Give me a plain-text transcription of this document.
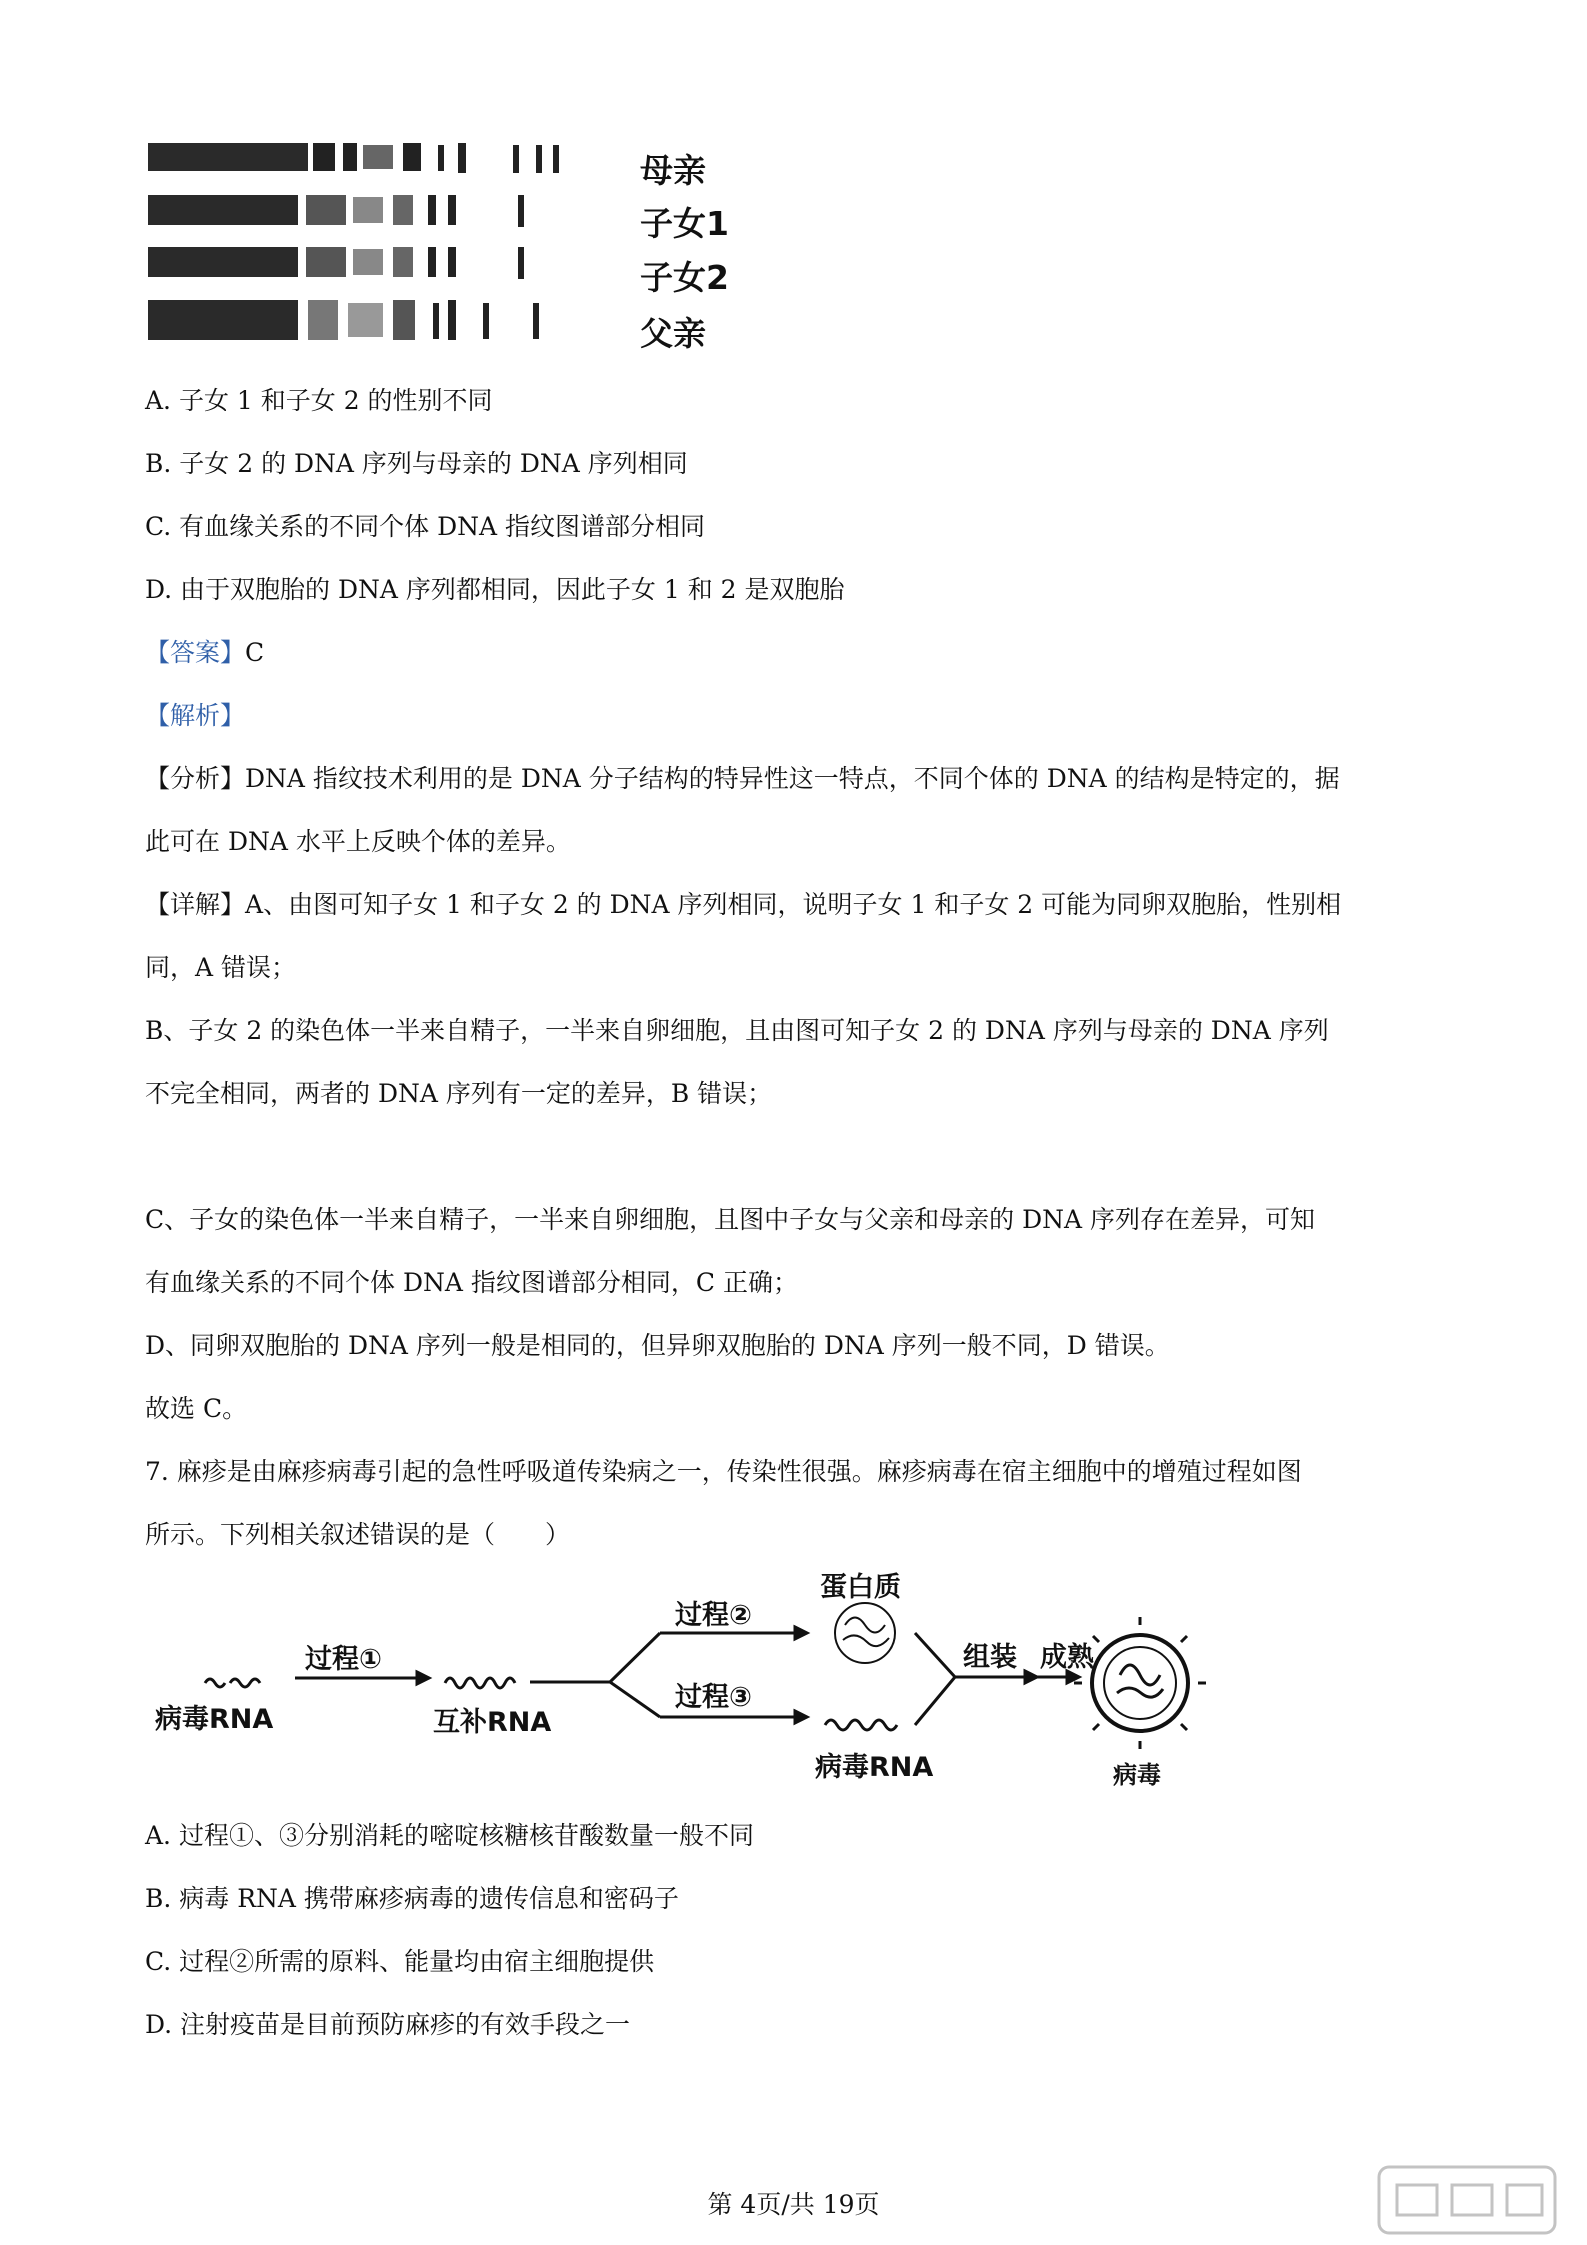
母亲
子女1
子女2
父亲
A. 子女 1 和子女 2 的性别不同
B. 子女 2 的 DNA 序列与母亲的 DNA 序列相同
C. 有血缘关系的不同个体 DNA 指纹图谱部分相同
D. 由于双胞胎的 DNA 序列都相同，因此子女 1 和 2 是双胞胎
【答案】C
【解析】
【分析】DNA 指纹技术利用的是 DNA 分子结构的特异性这一特点，不同个体的 DNA 的结构是特定的，据
此可在 DNA 水平上反映个体的差异。
【详解】A、由图可知子女 1 和子女 2 的 DNA 序列相同，说明子女 1 和子女 2 可能为同卵双胞胎，性别相
同，A 错误；
B、子女 2 的染色体一半来自精子，一半来自卵细胞，且由图可知子女 2 的 DNA 序列与母亲的 DNA 序列
不完全相同，两者的 DNA 序列有一定的差异，B 错误；
C、子女的染色体一半来自精子，一半来自卵细胞，且图中子女与父亲和母亲的 DNA 序列存在差异，可知
有血缘关系的不同个体 DNA 指纹图谱部分相同，C 正确；
D、同卵双胞胎的 DNA 序列一般是相同的，但异卵双胞胎的 DNA 序列一般不同，D 错误。
故选 C。
7. 麻疹是由麻疹病毒引起的急性呼吸道传染病之一，传染性很强。麻疹病毒在宿主细胞中的增殖过程如图
所示。下列相关叙述错误的是（　　）
病毒RNA
过程①
互补RNA
过程②
过程③
蛋白质
病毒RNA
组装 成熟
病毒
A. 过程①、③分别消耗的嘧啶核糖核苷酸数量一般不同
B. 病毒 RNA 携带麻疹病毒的遗传信息和密码子
C. 过程②所需的原料、能量均由宿主细胞提供
D. 注射疫苗是目前预防麻疹的有效手段之一
第 4页/共 19页
